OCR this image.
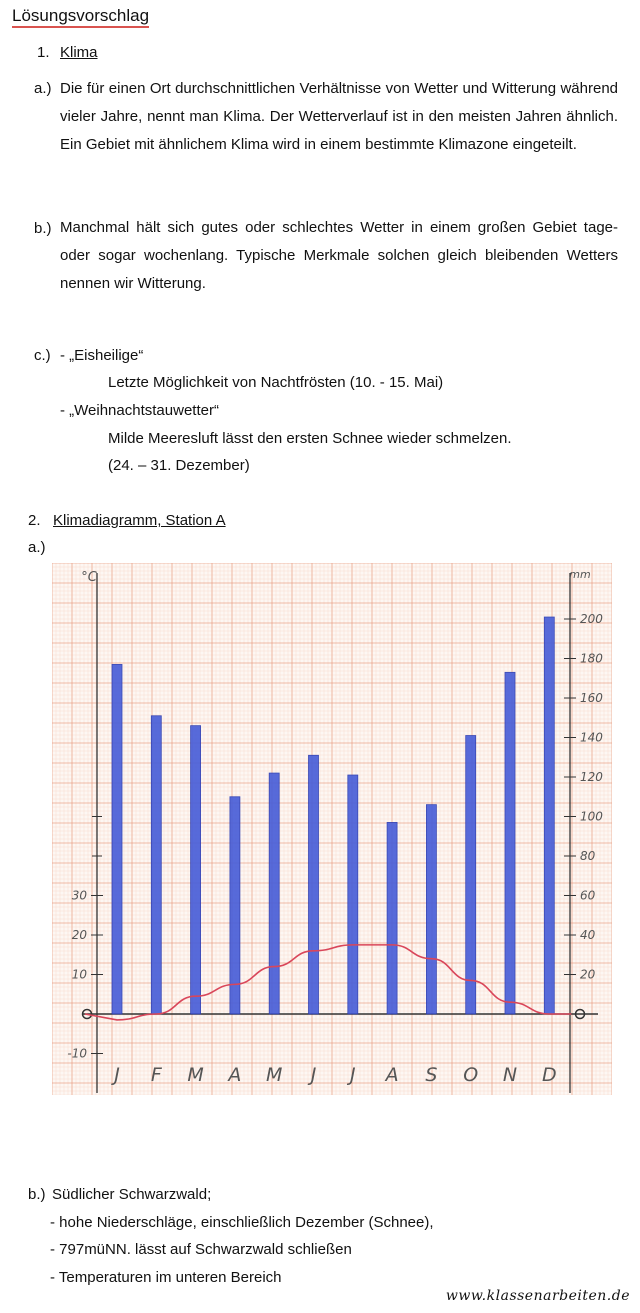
Lösungsvorschlag
1. Klima
a.) Die für einen Ort durchschnittlichen Verhältnisse von Wetter und Witterung während vieler Jahre, nennt man Klima. Der Wetterverlauf ist in den meisten Jahren ähnlich. Ein Gebiet mit ähnlichem Klima wird in einem bestimmte Klimazone eingeteilt.
b.) Manchmal hält sich gutes oder schlechtes Wetter in einem großen Gebiet tage- oder sogar wochenlang. Typische Merkmale solchen gleich bleibenden Wetters nennen wir Witterung.
c.) - „Eisheilige“
Letzte Möglichkeit von Nachtfrösten (10. - 15. Mai)
- „Weihnachtstauwetter“
Milde Meeresluft lässt den ersten Schnee wieder schmelzen.
(24. – 31. Dezember)
2. Klimadiagramm, Station A
a.)
20
40
60
80
100
120
140
160
180
200
mm
-10
10
20
30
°C
J F M A M J J A S O N D
b.) Südlicher Schwarzwald;
- hohe Niederschläge, einschließlich Dezember (Schnee),
- 797müNN. lässt auf Schwarzwald schließen
- Temperaturen im unteren Bereich
www.klassenarbeiten.de
